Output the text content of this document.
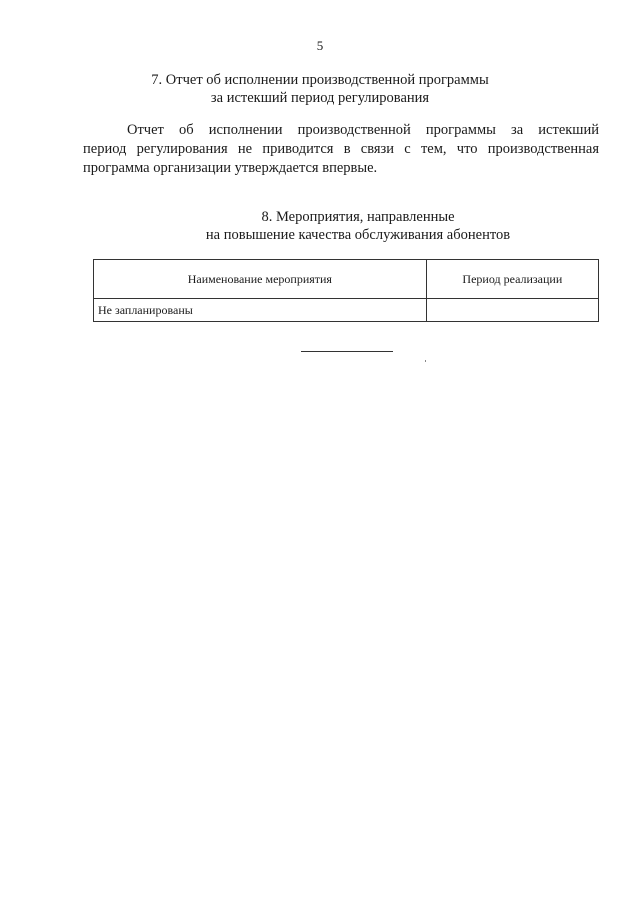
5
7. Отчет об исполнении производственной программы
за истекший период регулирования

Отчет об исполнении производственной программы за истекший
период регулирования не приводится в связи с тем, что производственная
программа организации утверждается впервые.

8. Мероприятия, направленные
на повышение качества обслуживания абонентов
Наименование мероприятия	Период реализации
Не запланированы	
